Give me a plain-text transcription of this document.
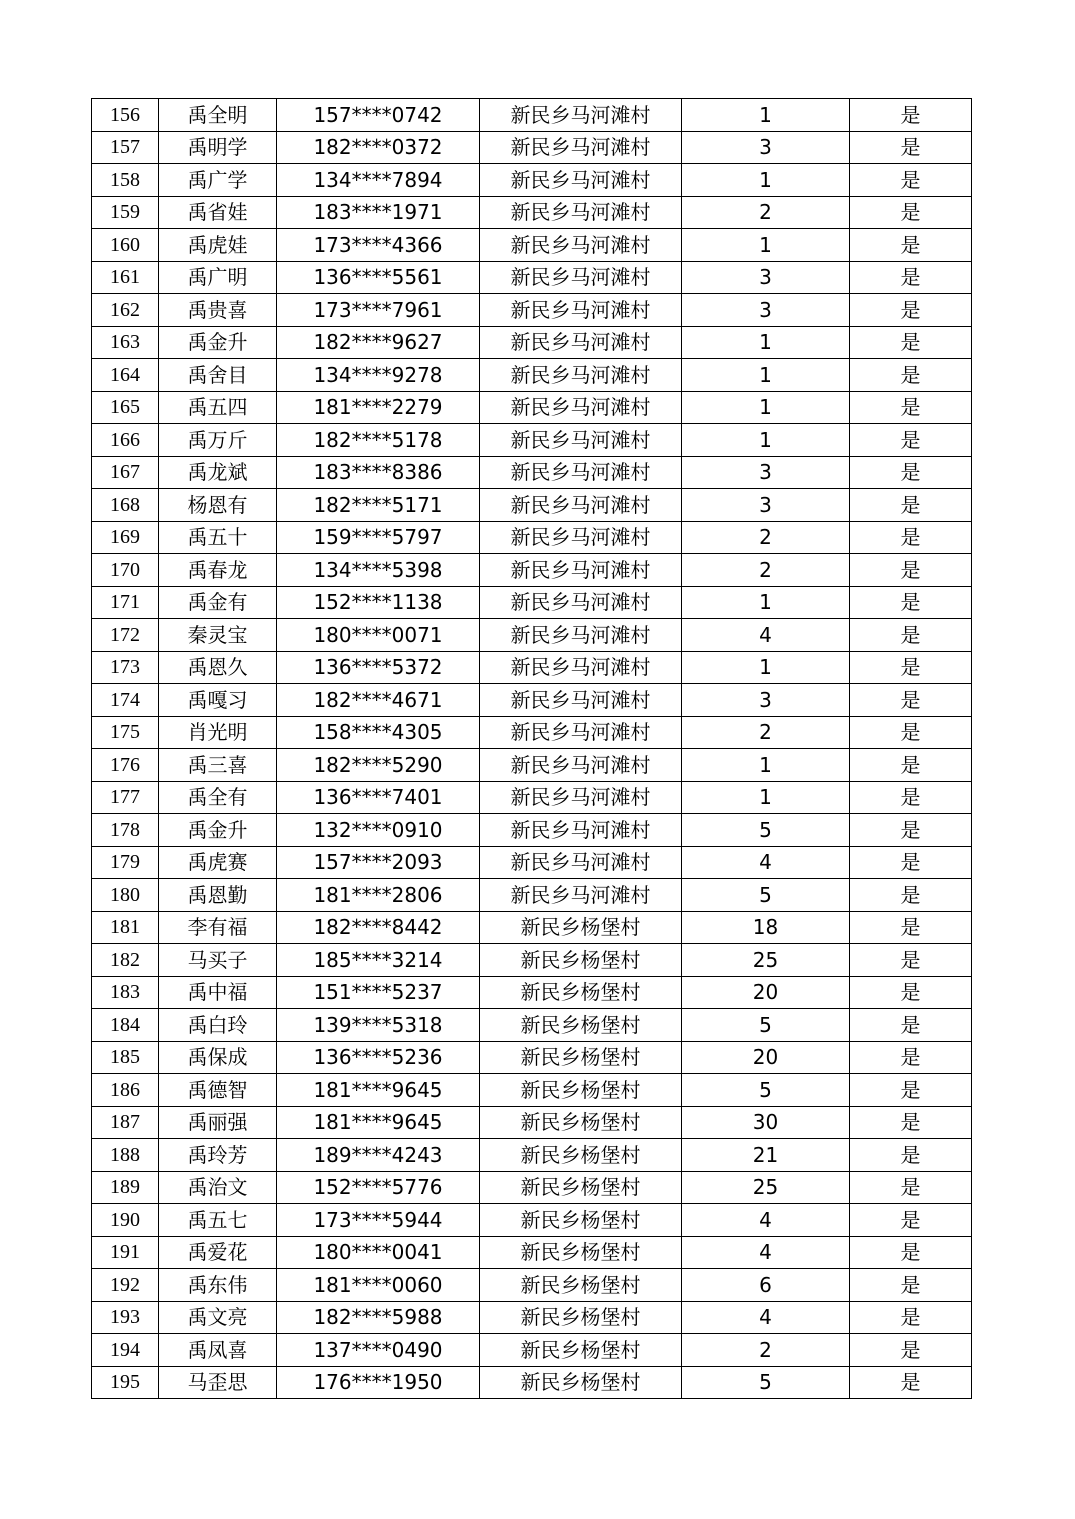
156	禹全明	157****0742	新民乡马河滩村	1	是
157	禹明学	182****0372	新民乡马河滩村	3	是
158	禹广学	134****7894	新民乡马河滩村	1	是
159	禹省娃	183****1971	新民乡马河滩村	2	是
160	禹虎娃	173****4366	新民乡马河滩村	1	是
161	禹广明	136****5561	新民乡马河滩村	3	是
162	禹贵喜	173****7961	新民乡马河滩村	3	是
163	禹金升	182****9627	新民乡马河滩村	1	是
164	禹舍目	134****9278	新民乡马河滩村	1	是
165	禹五四	181****2279	新民乡马河滩村	1	是
166	禹万斤	182****5178	新民乡马河滩村	1	是
167	禹龙斌	183****8386	新民乡马河滩村	3	是
168	杨恩有	182****5171	新民乡马河滩村	3	是
169	禹五十	159****5797	新民乡马河滩村	2	是
170	禹春龙	134****5398	新民乡马河滩村	2	是
171	禹金有	152****1138	新民乡马河滩村	1	是
172	秦灵宝	180****0071	新民乡马河滩村	4	是
173	禹恩久	136****5372	新民乡马河滩村	1	是
174	禹嘎习	182****4671	新民乡马河滩村	3	是
175	肖光明	158****4305	新民乡马河滩村	2	是
176	禹三喜	182****5290	新民乡马河滩村	1	是
177	禹全有	136****7401	新民乡马河滩村	1	是
178	禹金升	132****0910	新民乡马河滩村	5	是
179	禹虎赛	157****2093	新民乡马河滩村	4	是
180	禹恩勤	181****2806	新民乡马河滩村	5	是
181	李有福	182****8442	新民乡杨堡村	18	是
182	马买子	185****3214	新民乡杨堡村	25	是
183	禹中福	151****5237	新民乡杨堡村	20	是
184	禹白玲	139****5318	新民乡杨堡村	5	是
185	禹保成	136****5236	新民乡杨堡村	20	是
186	禹德智	181****9645	新民乡杨堡村	5	是
187	禹丽强	181****9645	新民乡杨堡村	30	是
188	禹玲芳	189****4243	新民乡杨堡村	21	是
189	禹治文	152****5776	新民乡杨堡村	25	是
190	禹五七	173****5944	新民乡杨堡村	4	是
191	禹爱花	180****0041	新民乡杨堡村	4	是
192	禹东伟	181****0060	新民乡杨堡村	6	是
193	禹文亮	182****5988	新民乡杨堡村	4	是
194	禹凤喜	137****0490	新民乡杨堡村	2	是
195	马歪思	176****1950	新民乡杨堡村	5	是
